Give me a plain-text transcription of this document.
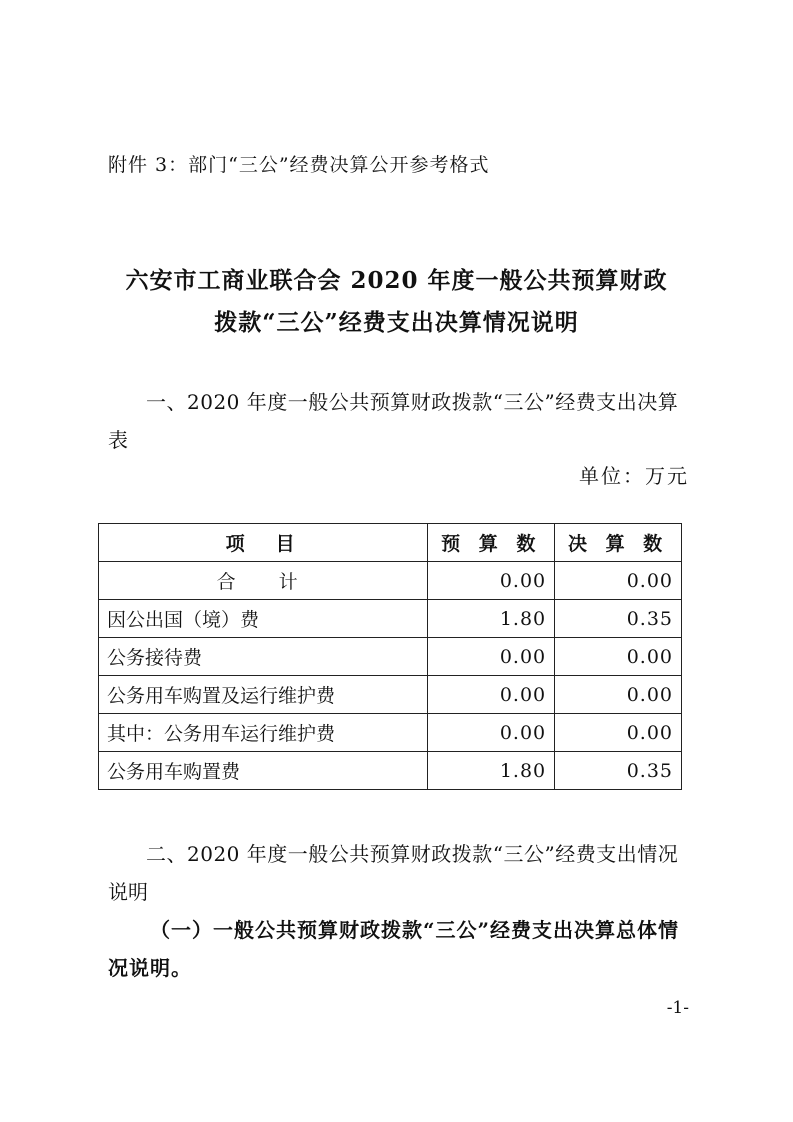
附件 3：部门“三公”经费决算公开参考格式
六安市工商业联合会 2020 年度一般公共预算财政
拨款“三公”经费支出决算情况说明
一、2020 年度一般公共预算财政拨款“三公”经费支出决算
表
单位：万元
项　目	预 算 数	决 算 数
合　计	0.00	0.00
因公出国（境）费	1.80	0.35
公务接待费	0.00	0.00
公务用车购置及运行维护费	0.00	0.00
其中：公务用车运行维护费	0.00	0.00
公务用车购置费	1.80	0.35
二、2020 年度一般公共预算财政拨款“三公”经费支出情况
说明
（一）一般公共预算财政拨款“三公”经费支出决算总体情
况说明。
-1-
